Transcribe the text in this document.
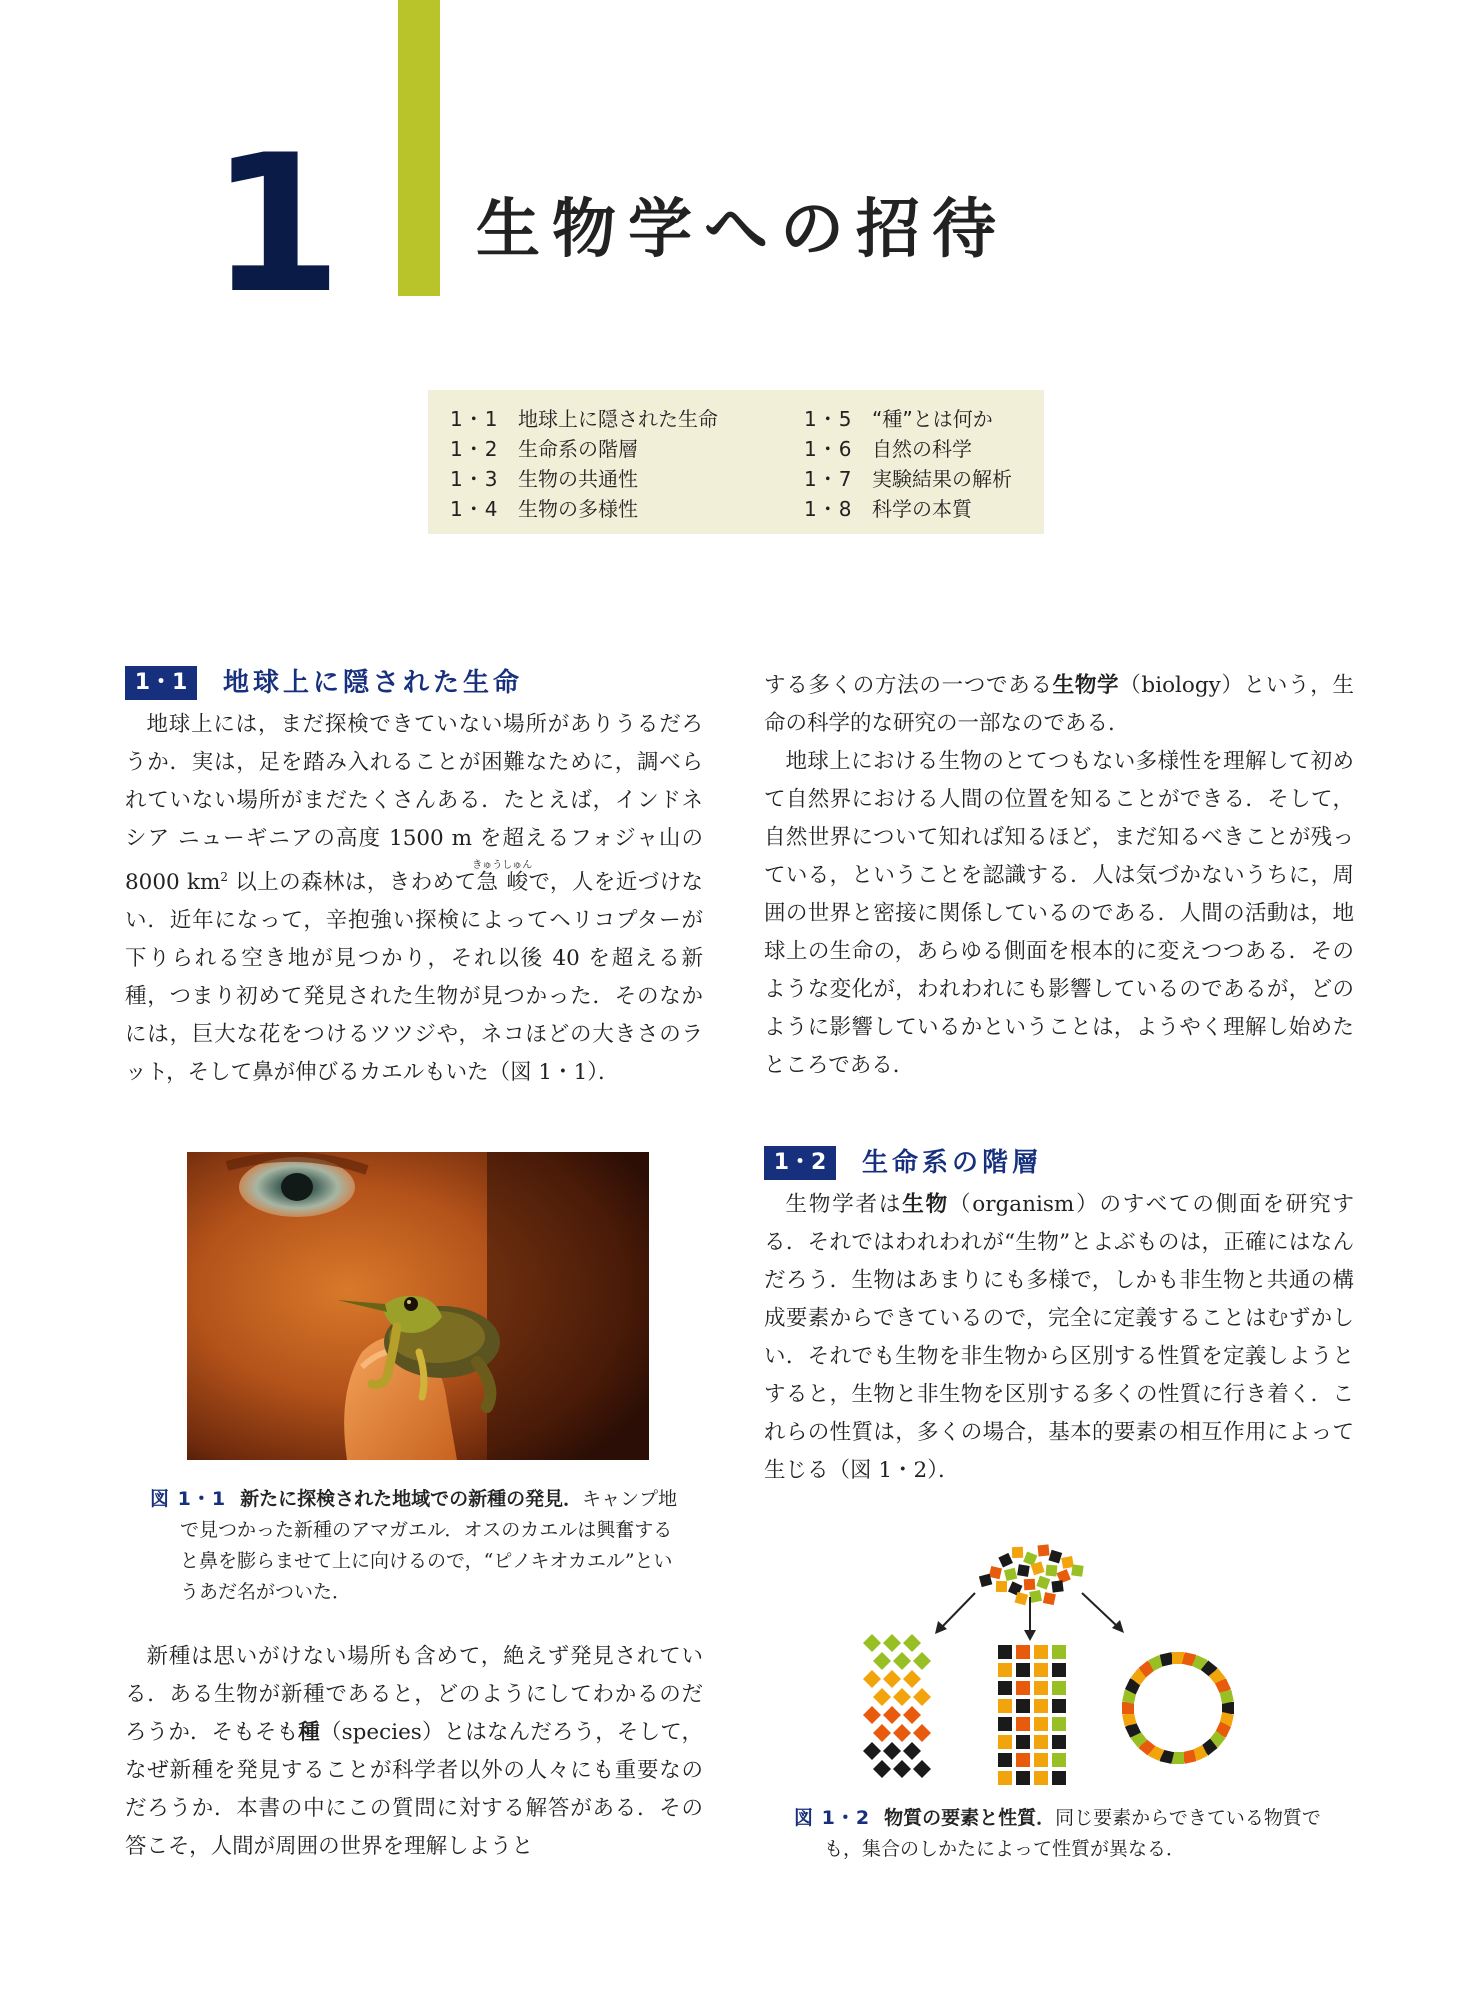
1 生物学への招待
1・1 地球上に隠された生命
1・2 生命系の階層
1・3 生物の共通性
1・4 生物の多様性
1・5 “種”とは何か
1・6 自然の科学
1・7 実験結果の解析
1・8 科学の本質
1・1	地球上に隠された生命

地球上には，まだ探検できていない場所がありうるだろうか．実は，足を踏み入れることが困難なために，調べられていない場所がまだたくさんある．たとえば，インドネシア ニューギニアの高度 1500 m を超えるフォジャ山の 8000 $km^2$ 以上の森林は，きわめて急峻きゅうしゅんで，人を近づけない．近年になって，辛抱強い探検によってヘリコプターが下りられる空き地が見つかり，それ以後 40 を超える新種，つまり初めて発見された生物が見つかった．そのなかには，巨大な花をつけるツツジや，ネコほどの大きさのラット，そして鼻が伸びるカエルもいた（図 1・1）．

図 1・1 新たに探検された地域での新種の発見．キャンプ地で見つかった新種のアマガエル．オスのカエルは興奮すると鼻を膨らませて上に向けるので，“ピノキオカエル”というあだ名がついた．

新種は思いがけない場所も含めて，絶えず発見されている．ある生物が新種であると，どのようにしてわかるのだろうか．そもそも種（species）とはなんだろう，そして，なぜ新種を発見することが科学者以外の人々にも重要なのだろうか．本書の中にこの質問に対する解答がある．その答こそ，人間が周囲の世界を理解しようと

する多くの方法の一つである生物学（biology）という，生命の科学的な研究の一部なのである．

地球上における生物のとてつもない多様性を理解して初めて自然界における人間の位置を知ることができる．そして，自然世界について知れば知るほど，まだ知るべきことが残っている，ということを認識する．人は気づかないうちに，周囲の世界と密接に関係しているのである．人間の活動は，地球上の生命の，あらゆる側面を根本的に変えつつある．そのような変化が，われわれにも影響しているのであるが，どのように影響しているかということは，ようやく理解し始めたところである．

1・2	生命系の階層

生物学者は生物（organism）のすべての側面を研究する．それではわれわれが“生物”とよぶものは，正確にはなんだろう．生物はあまりにも多様で，しかも非生物と共通の構成要素からできているので，完全に定義することはむずかしい．それでも生物を非生物から区別する性質を定義しようとすると，生物と非生物を区別する多くの性質に行き着く．これらの性質は，多くの場合，基本的要素の相互作用によって生じる（図 1・2）．

図 1・2 物質の要素と性質．同じ要素からできている物質でも，集合のしかたによって性質が異なる．
